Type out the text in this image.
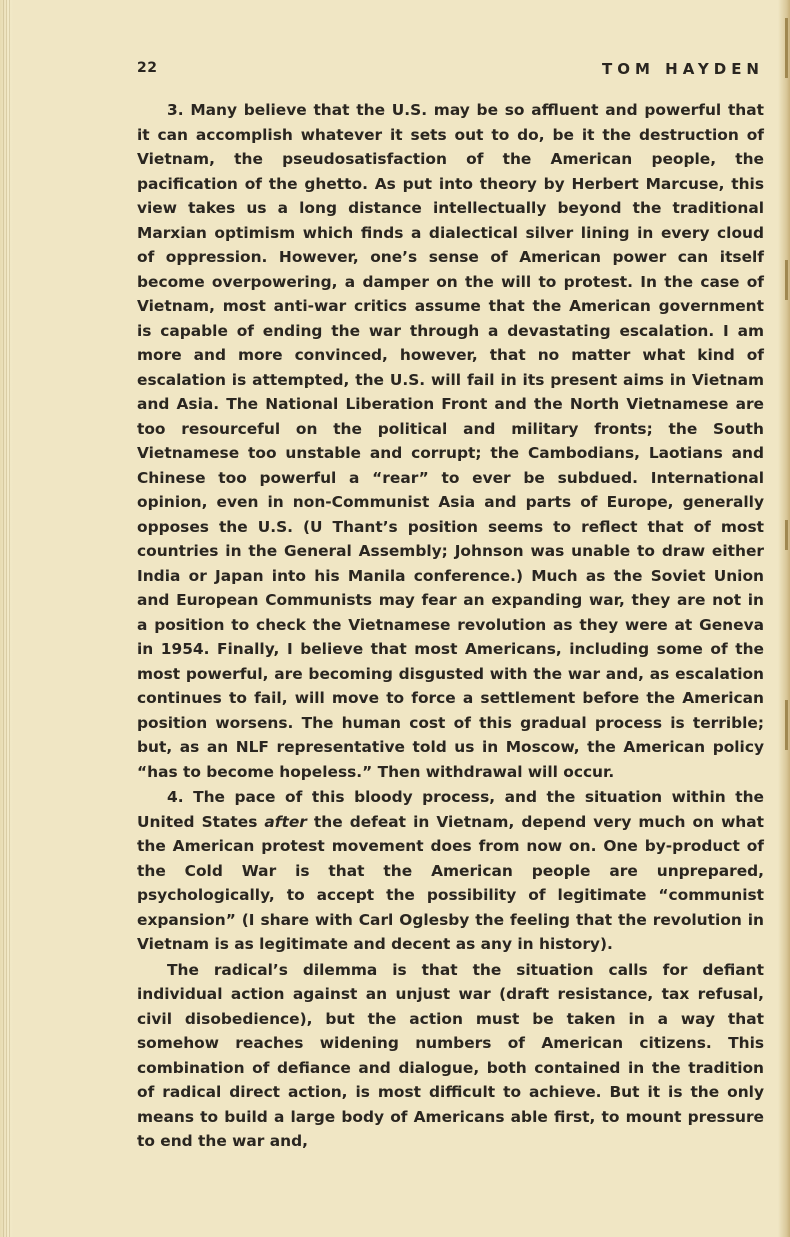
22	TOM HAYDEN

3. Many believe that the U.S. may be so affluent and powerful that it can accomplish whatever it sets out to do, be it the destruction of Vietnam, the pseudosatisfaction of the American people, the pacification of the ghetto. As put into theory by Herbert Marcuse, this view takes us a long distance intellectually beyond the traditional Marxian optimism which finds a dialectical silver lining in every cloud of oppression. However, one’s sense of American power can itself become overpowering, a damper on the will to protest. In the case of Vietnam, most anti-war critics assume that the American government is capable of ending the war through a devastating escalation. I am more and more convinced, however, that no matter what kind of escalation is attempted, the U.S. will fail in its present aims in Vietnam and Asia. The National Liberation Front and the North Vietnamese are too resourceful on the political and military fronts; the South Vietnamese too unstable and corrupt; the Cambodians, Laotians and Chinese too powerful a “rear” to ever be subdued. International opinion, even in non-Communist Asia and parts of Europe, generally opposes the U.S. (U Thant’s position seems to reflect that of most countries in the General Assembly; Johnson was unable to draw either India or Japan into his Manila conference.) Much as the Soviet Union and European Communists may fear an expanding war, they are not in a position to check the Vietnamese revolution as they were at Geneva in 1954. Finally, I believe that most Americans, including some of the most powerful, are becoming disgusted with the war and, as escalation continues to fail, will move to force a settlement before the American position worsens. The human cost of this gradual process is terrible; but, as an NLF representative told us in Moscow, the American policy “has to become hopeless.” Then withdrawal will occur.

4. The pace of this bloody process, and the situation within the United States after the defeat in Vietnam, depend very much on what the American protest movement does from now on. One by-product of the Cold War is that the American people are unprepared, psychologically, to accept the possibility of legitimate “communist expansion” (I share with Carl Oglesby the feeling that the revolution in Vietnam is as legitimate and decent as any in history).

The radical’s dilemma is that the situation calls for defiant individual action against an unjust war (draft resistance, tax refusal, civil disobedience), but the action must be taken in a way that somehow reaches widening numbers of American citizens. This combination of defiance and dialogue, both contained in the tradition of radical direct action, is most difficult to achieve. But it is the only means to build a large body of Americans able first, to mount pressure to end the war and,
